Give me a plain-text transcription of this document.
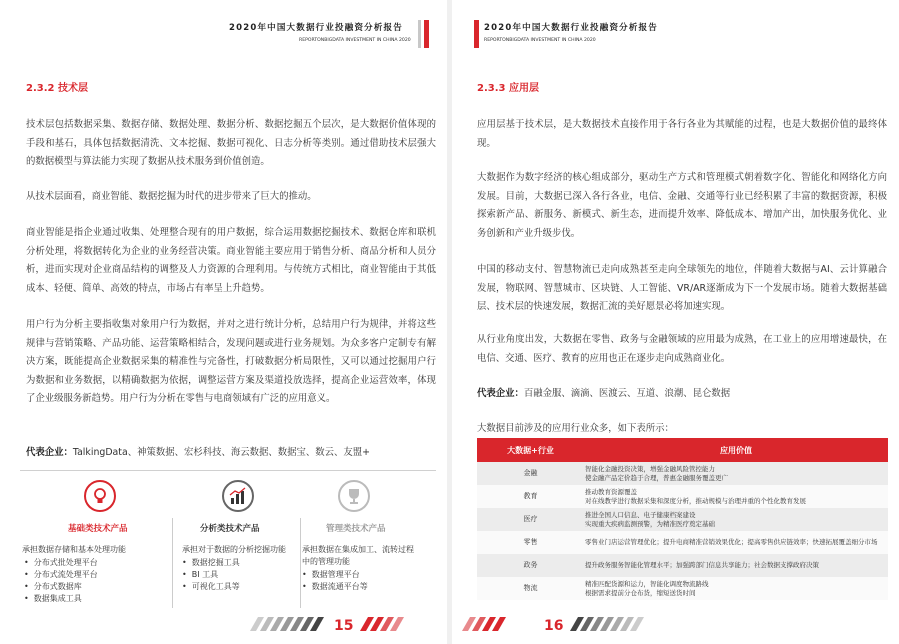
2020年中国大数据行业投融资分析报告
REPORTONBIGDATA INVESTMENT IN CHINA 2020
2.3.2 技术层

技术层包括数据采集、数据存储、数据处理、数据分析、数据挖掘五个层次，是大数据价值体现的手段和基石，具体包括数据清洗、文本挖掘、数据可视化、日志分析等类别。通过借助技术层强大的数据模型与算法能力实现了数据从技术服务到价值创造。

从技术层面看，商业智能、数据挖掘为时代的进步带来了巨大的推动。

商业智能是指企业通过收集、处理整合现有的用户数据，综合运用数据挖掘技术、数据仓库和联机分析处理，将数据转化为企业的业务经营决策。商业智能主要应用于销售分析、商品分析和人员分析，进而实现对企业商品结构的调整及人力资源的合理利用。与传统方式相比，商业智能由于其低成本、轻便、简单、高效的特点，市场占有率呈上升趋势。

用户行为分析主要指收集对象用户行为数据，并对之进行统计分析，总结用户行为规律，并将这些规律与营销策略、产品功能、运营策略相结合，发现问题或进行业务规划。为众多客户定制专有解决方案，既能提高企业数据采集的精准性与完备性，打破数据分析局限性，又可以通过挖掘用户行为数据和业务数据，以精确数据为依据，调整运营方案及渠道投放选择，提高企业运营效率，体现了企业级服务新趋势。用户行为分析在零售与电商领域有广泛的应用意义。

代表企业：TalkingData、神策数据、宏杉科技、海云数据、数据宝、数云、友盟+

基础类技术产品

承担数据存储和基本处理功能

• 分布式批处理平台
• 分布式流处理平台
• 分布式数据库
• 数据集成工具
分析类技术产品

承担对于数据的分析挖掘功能

• 数据挖掘工具
• BI 工具
• 可视化工具等
管理类技术产品

承担数据在集成加工、流转过程中的管理功能

• 数据管理平台
• 数据流通平台等
15
2020年中国大数据行业投融资分析报告
REPORTONBIGDATA INVESTMENT IN CHINA 2020
2.3.3 应用层

应用层基于技术层，是大数据技术直接作用于各行各业为其赋能的过程，也是大数据价值的最终体现。

大数据作为数字经济的核心组成部分，驱动生产方式和管理模式朝着数字化、智能化和网络化方向发展。目前，大数据已深入各行各业，电信、金融、交通等行业已经积累了丰富的数据资源，积极探索新产品、新服务、新模式、新生态，进而提升效率、降低成本、增加产出，加快服务优化、业务创新和产业升级步伐。

中国的移动支付、智慧物流已走向成熟甚至走向全球领先的地位，伴随着大数据与AI、云计算融合发展，物联网、智慧城市、区块链、人工智能、VR/AR逐渐成为下一个发展市场。随着大数据基础层、技术层的快速发展，数据汇流的美好愿景必将加速实现。

从行业角度出发，大数据在零售、政务与金融领域的应用最为成熟，在工业上的应用增速最快，在电信、交通、医疗、教育的应用也正在逐步走向成熟商业化。

代表企业：百融金服、滴滴、医渡云、互道、浪潮、昆仑数据

大数据目前涉及的应用行业众多，如下表所示：

大数据+行业	应用价值
金融	智能化金融投资决策，增强金融风险管控能力
使金融产品定价趋于合理，普惠金融服务覆盖更广

教育	推动教育资源覆盖
对在线教学进行数据采集和深度分析，推动规模与治理并重的个性化教育发展

医疗	推进全国人口信息、电子健康档案建设
实现重大疾病监测预警，为精准医疗奠定基础

零售	零售业门店运营管理优化；提升电商精准营销效果优化；提高零售供应链效率；快速拓展覆盖细分市场

政务	提升政务服务智能化管理水平；加强跨部门信息共享能力；社会数据支撑政府决策

物流	精准匹配货源和运力，智能化调度物流路线
根据需求提前分仓布货，缩短送货时间
16
